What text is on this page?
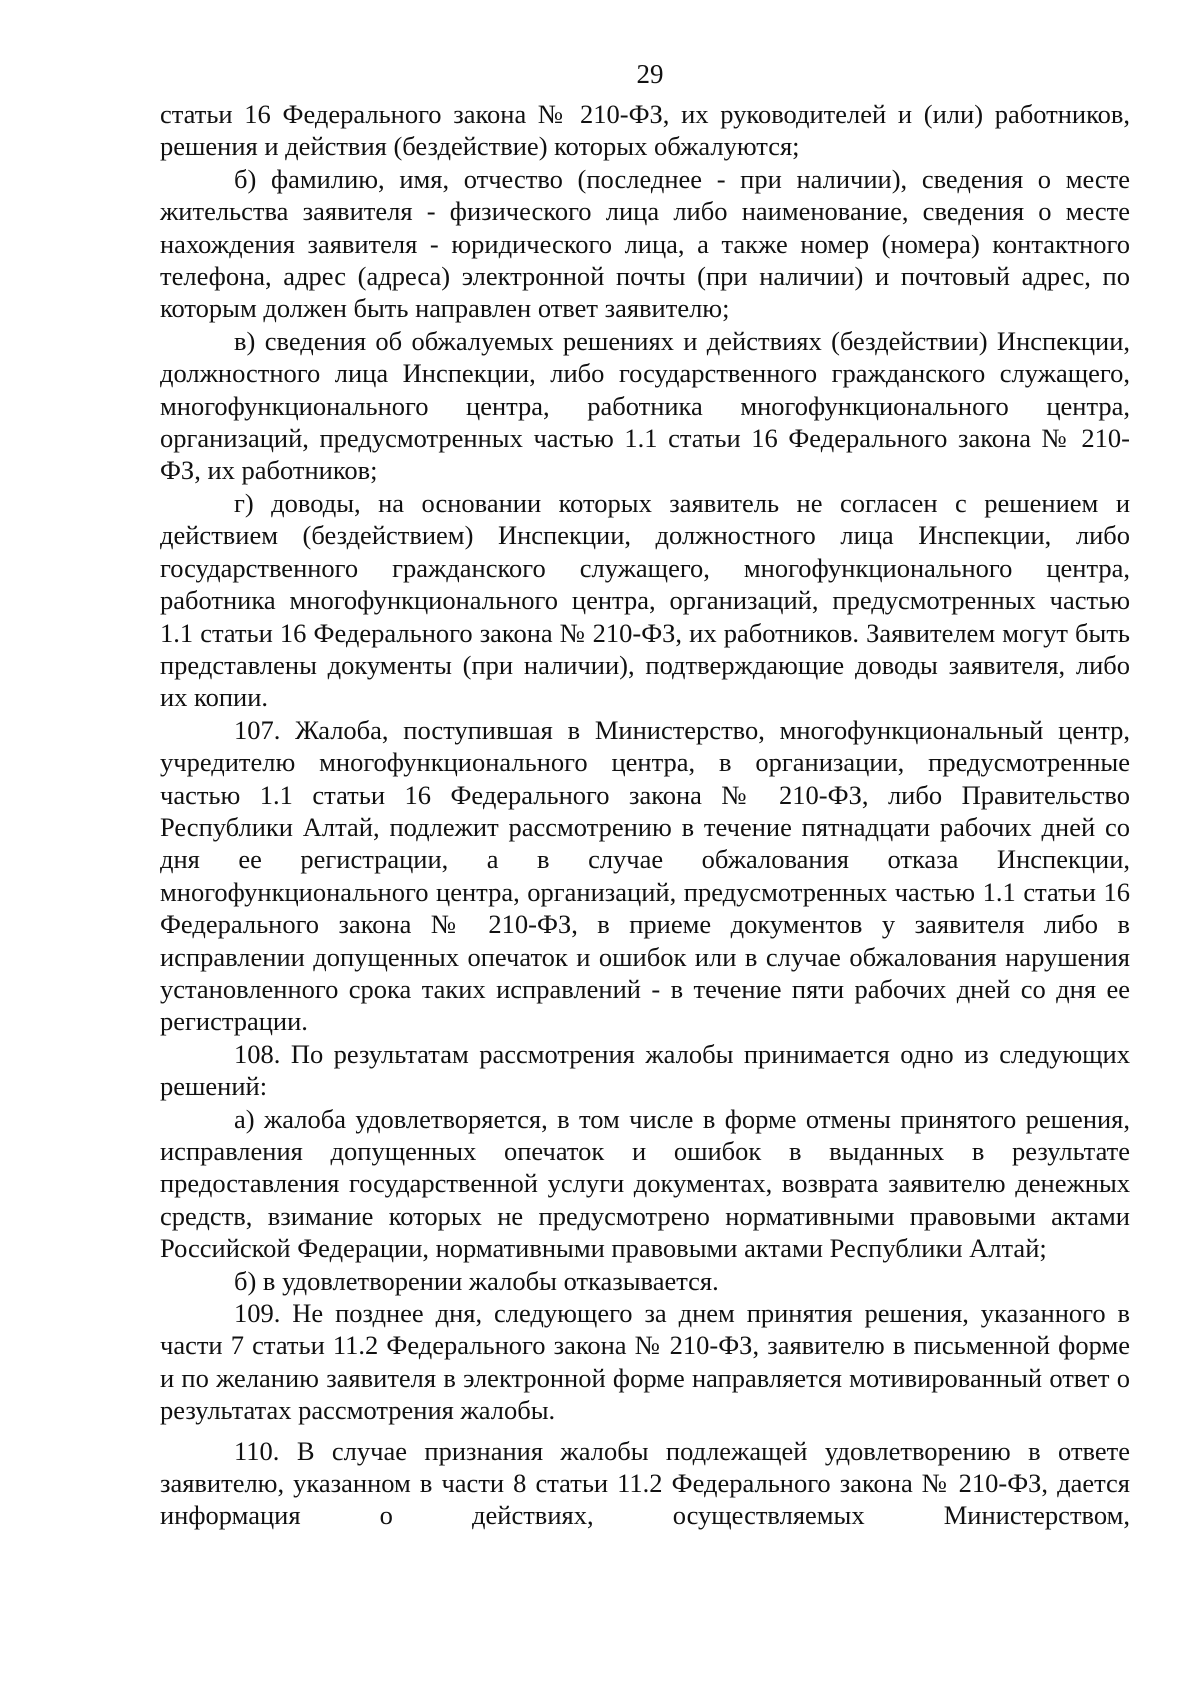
29

статьи 16 Федерального закона № 210-ФЗ, их руководителей и (или) работников, решения и действия (бездействие) которых обжалуются;

б) фамилию, имя, отчество (последнее - при наличии), сведения о месте жительства заявителя - физического лица либо наименование, сведения о месте нахождения заявителя - юридического лица, а также номер (номера) контактного телефона, адрес (адреса) электронной почты (при наличии) и почтовый адрес, по которым должен быть направлен ответ заявителю;

в) сведения об обжалуемых решениях и действиях (бездействии) Инспекции, должностного лица Инспекции, либо государственного гражданского служащего, многофункционального центра, работника многофункционального центра, организаций, предусмотренных частью 1.1 статьи 16 Федерального закона № 210-ФЗ, их работников;

г) доводы, на основании которых заявитель не согласен с решением и действием (бездействием) Инспекции, должностного лица Инспекции, либо государственного гражданского служащего, многофункционального центра, работника многофункционального центра, организаций, предусмотренных частью 1.1 статьи 16 Федерального закона № 210-ФЗ, их работников. Заявителем могут быть представлены документы (при наличии), подтверждающие доводы заявителя, либо их копии.

107. Жалоба, поступившая в Министерство, многофункциональный центр, учредителю многофункционального центра, в организации, предусмотренные частью 1.1 статьи 16 Федерального закона № 210-ФЗ, либо Правительство Республики Алтай, подлежит рассмотрению в течение пятнадцати рабочих дней со дня ее регистрации, а в случае обжалования отказа Инспекции, многофункционального центра, организаций, предусмотренных частью 1.1 статьи 16 Федерального закона № 210-ФЗ, в приеме документов у заявителя либо в исправлении допущенных опечаток и ошибок или в случае обжалования нарушения установленного срока таких исправлений - в течение пяти рабочих дней со дня ее регистрации.

108. По результатам рассмотрения жалобы принимается одно из следующих решений:

а) жалоба удовлетворяется, в том числе в форме отмены принятого решения, исправления допущенных опечаток и ошибок в выданных в результате предоставления государственной услуги документах, возврата заявителю денежных средств, взимание которых не предусмотрено нормативными правовыми актами Российской Федерации, нормативными правовыми актами Республики Алтай;

б) в удовлетворении жалобы отказывается.

109. Не позднее дня, следующего за днем принятия решения, указанного в части 7 статьи 11.2 Федерального закона № 210-ФЗ, заявителю в письменной форме и по желанию заявителя в электронной форме направляется мотивированный ответ о результатах рассмотрения жалобы.

110. В случае признания жалобы подлежащей удовлетворению в ответе заявителю, указанном в части 8 статьи 11.2 Федерального закона № 210-ФЗ, дается информация о действиях, осуществляемых Министерством,
